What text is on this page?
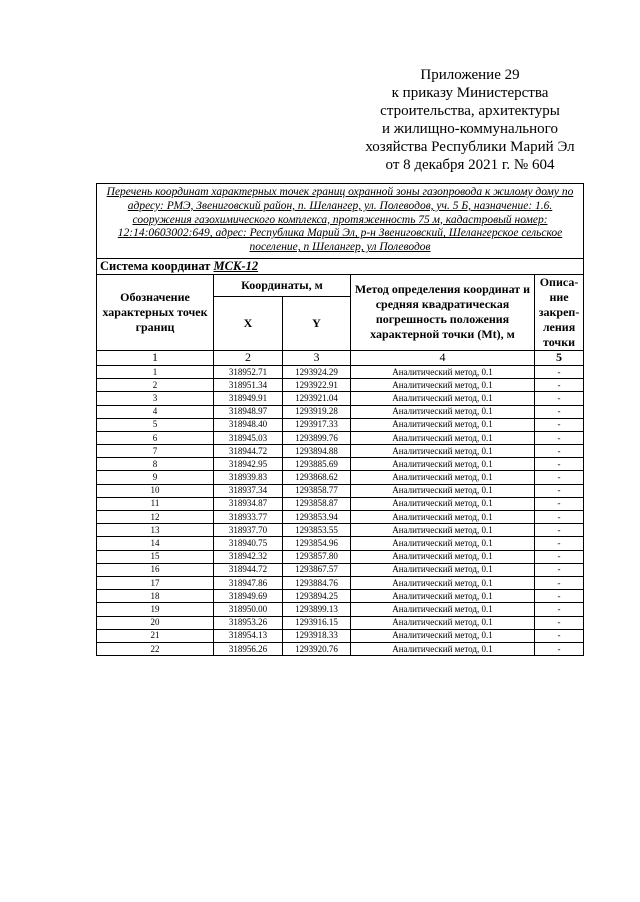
Приложение 29
к приказу Министерства
строительства, архитектуры
и жилищно-коммунального
хозяйства Республики Марий Эл
от 8 декабря 2021 г. № 604
Перечень координат характерных точек границ охранной зоны газопровода к жилому дому по адресу: РМЭ, Звениговский район, п. Шелангер, ул. Полеводов, уч. 5 Б, назначение: 1.6. сооружения газохимического комплекса, протяженность 75 м, кадастровый номер: 12:14:0603002:649, адрес: Республика Марий Эл, р-н Звениговский, Шелангерское сельское поселение, п Шелангер, ул Полеводов				
Система координат МСК-12				
Обозначение характерных точек границ	Координаты, м		Метод определения координат и средняя квадратическая погрешность положения характерной точки (Mt), м	Описа- ние закреп- ления точки
	X	Y		
1	2	3	4	5
1	318952.71	1293924.29	Аналитический метод, 0.1	-
2	318951.34	1293922.91	Аналитический метод, 0.1	-
3	318949.91	1293921.04	Аналитический метод, 0.1	-
4	318948.97	1293919.28	Аналитический метод, 0.1	-
5	318948.40	1293917.33	Аналитический метод, 0.1	-
6	318945.03	1293899.76	Аналитический метод, 0.1	-
7	318944.72	1293894.88	Аналитический метод, 0.1	-
8	318942.95	1293885.69	Аналитический метод, 0.1	-
9	318939.83	1293868.62	Аналитический метод, 0.1	-
10	318937.34	1293858.77	Аналитический метод, 0.1	-
11	318934.87	1293858.87	Аналитический метод, 0.1	-
12	318933.77	1293853.94	Аналитический метод, 0.1	-
13	318937.70	1293853.55	Аналитический метод, 0.1	-
14	318940.75	1293854.96	Аналитический метод, 0.1	-
15	318942.32	1293857.80	Аналитический метод, 0.1	-
16	318944.72	1293867.57	Аналитический метод, 0.1	-
17	318947.86	1293884.76	Аналитический метод, 0.1	-
18	318949.69	1293894.25	Аналитический метод, 0.1	-
19	318950.00	1293899.13	Аналитический метод, 0.1	-
20	318953.26	1293916.15	Аналитический метод, 0.1	-
21	318954.13	1293918.33	Аналитический метод, 0.1	-
22	318956.26	1293920.76	Аналитический метод, 0.1	-
